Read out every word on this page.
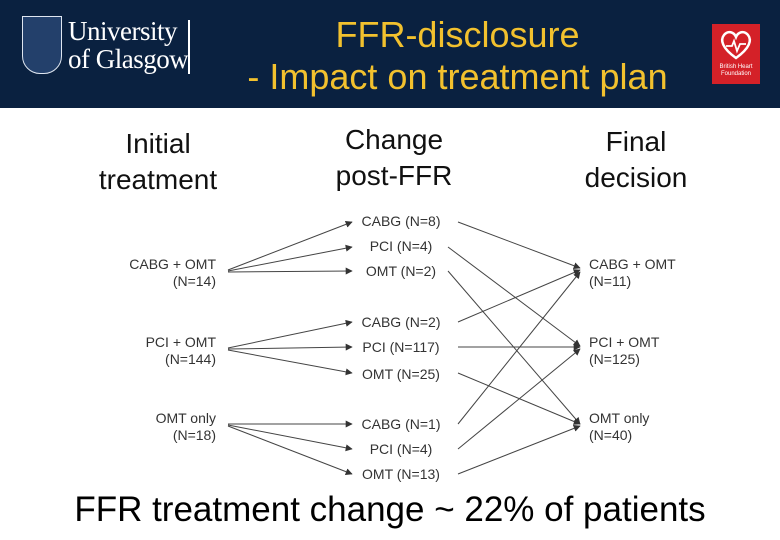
University
of Glasgow
FFR-disclosure
- Impact on treatment plan	British Heart Foundation
Initial
treatment
Change
post-FFR
Final
decision
CABG + OMT
(N=14)
PCI + OMT
(N=144)
OMT only
(N=18)
CABG (N=8)
PCI (N=4)
OMT (N=2)
CABG (N=2)
PCI (N=117)
OMT (N=25)
CABG (N=1)
PCI (N=4)
OMT (N=13)
CABG + OMT
(N=11)
PCI + OMT
(N=125)
OMT only
(N=40)
FFR treatment change ~ 22% of patients
